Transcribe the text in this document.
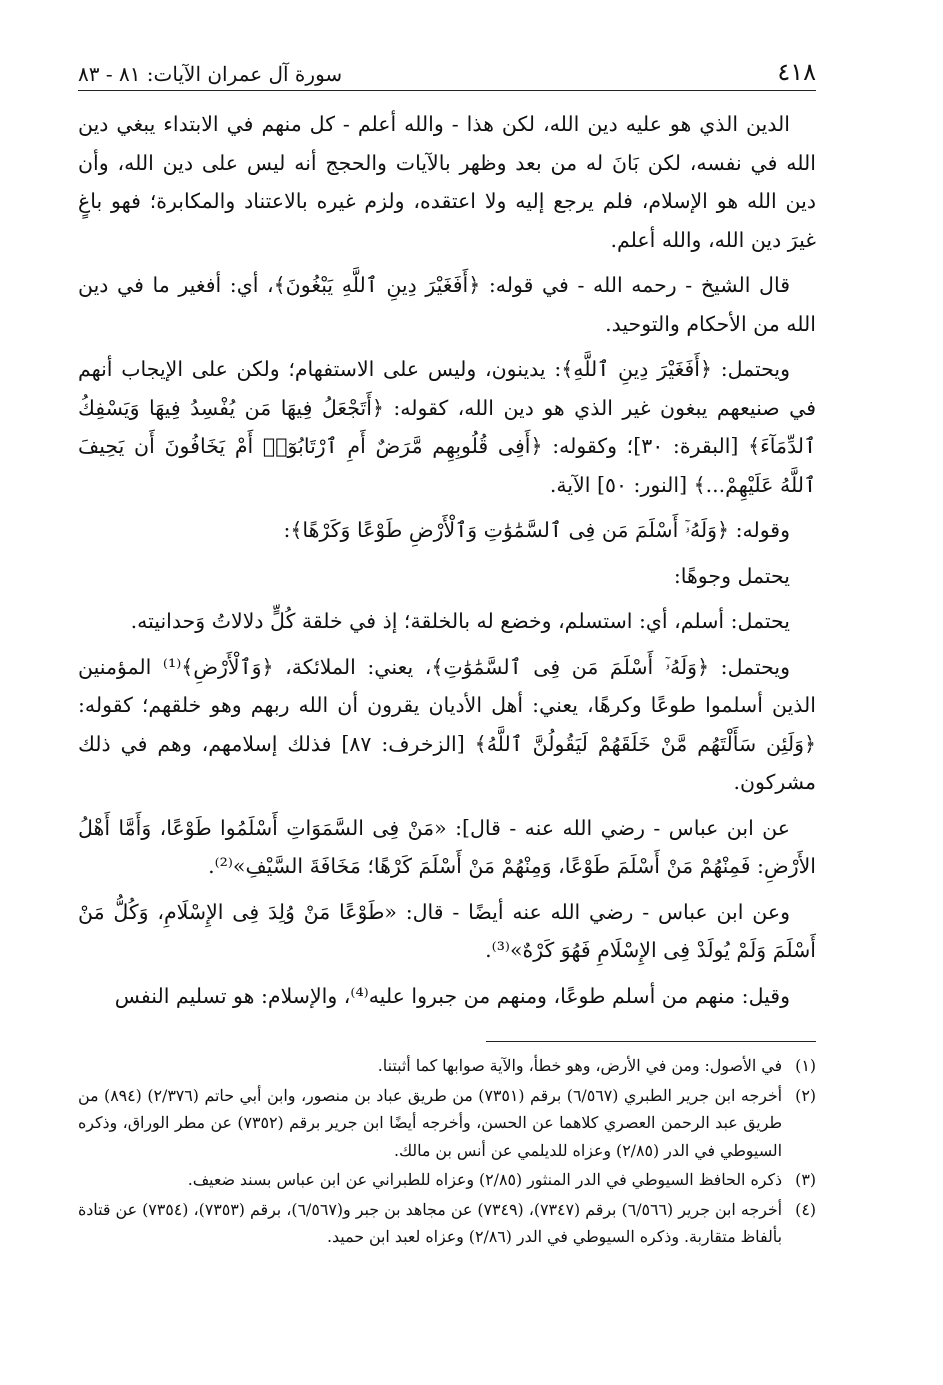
٤١٨
سورة آل عمران الآيات: ٨١ - ٨٣

الدين الذي هو عليه دين الله، لكن هذا - والله أعلم - كل منهم في الابتداء يبغي دين الله في نفسه، لكن بَانَ له من بعد وظهر بالآيات والحجج أنه ليس على دين الله، وأن دين الله هو الإسلام، فلم يرجع إليه ولا اعتقده، ولزم غيره بالاعتناد والمكابرة؛ فهو باغٍ غيرَ دين الله، والله أعلم.

قال الشيخ - رحمه الله - في قوله: ﴿أَفَغَيْرَ دِينِ ٱللَّهِ يَبْغُونَ﴾، أي: أفغير ما في دين الله من الأحكام والتوحيد.

ويحتمل: ﴿أَفَغَيْرَ دِينِ ٱللَّهِ﴾: يدينون، وليس على الاستفهام؛ ولكن على الإيجاب أنهم في صنيعهم يبغون غير الذي هو دين الله، كقوله: ﴿أَتَجْعَلُ فِيهَا مَن يُفْسِدُ فِيهَا وَيَسْفِكُ ٱلدِّمَآءَ﴾ [البقرة: ٣٠]؛ وكقوله: ﴿أَفِى قُلُوبِهِم مَّرَضٌ أَمِ ٱرْتَابُوٓا۟ أَمْ يَخَافُونَ أَن يَحِيفَ ٱللَّهُ عَلَيْهِمْ...﴾ [النور: ٥٠] الآية.

وقوله: ﴿وَلَهُۥٓ أَسْلَمَ مَن فِى ٱلسَّمَٰوَٰتِ وَٱلْأَرْضِ طَوْعًا وَكَرْهًا﴾:

يحتمل وجوهًا:

يحتمل: أسلم، أي: استسلم، وخضع له بالخلقة؛ إذ في خلقة كُلٍّ دلالاتُ وَحدانيته.

ويحتمل: ﴿وَلَهُۥٓ أَسْلَمَ مَن فِى ٱلسَّمَٰوَٰتِ﴾، يعني: الملائكة، ﴿وَٱلْأَرْضِ﴾⁽¹⁾ المؤمنين الذين أسلموا طوعًا وكرهًا، يعني: أهل الأديان يقرون أن الله ربهم وهو خلقهم؛ كقوله: ﴿وَلَئِن سَأَلْتَهُم مَّنْ خَلَقَهُمْ لَيَقُولُنَّ ٱللَّهُ﴾ [الزخرف: ٨٧] فذلك إسلامهم، وهم في ذلك مشركون.

عن ابن عباس - رضي الله عنه - قال]: «مَنْ فِى السَّمَوَاتِ أَسْلَمُوا طَوْعًا، وَأَمَّا أَهْلُ الأَرْضِ: فَمِنْهُمْ مَنْ أَسْلَمَ طَوْعًا، وَمِنْهُمْ مَنْ أَسْلَمَ كَرْهًا؛ مَخَافَةَ السَّيْفِ»⁽²⁾.

وعن ابن عباس - رضي الله عنه أيضًا - قال: «طَوْعًا مَنْ وُلِدَ فِى الإِسْلَامِ، وَكُلُّ مَنْ أَسْلَمَ وَلَمْ يُولَدْ فِى الإِسْلَامِ فَهُوَ كَرْهٌ»⁽³⁾.

وقيل: منهم من أسلم طوعًا، ومنهم من جبروا عليه⁽⁴⁾، والإسلام: هو تسليم النفس

(١)
في الأصول: ومن في الأرض، وهو خطأ، والآية صوابها كما أثبتنا.
(٢)
أخرجه ابن جرير الطبري (٦/٥٦٧) برقم (٧٣٥١) من طريق عباد بن منصور، وابن أبي حاتم (٢/٣٧٦) (٨٩٤) من طريق عبد الرحمن العصري كلاهما عن الحسن، وأخرجه أيضًا ابن جرير برقم (٧٣٥٢) عن مطر الوراق، وذكره السيوطي في الدر (٢/٨٥) وعزاه للديلمي عن أنس بن مالك.
(٣)
ذكره الحافظ السيوطي في الدر المنثور (٢/٨٥) وعزاه للطبراني عن ابن عباس بسند ضعيف.
(٤)
أخرجه ابن جرير (٦/٥٦٦) برقم (٧٣٤٧)، (٧٣٤٩) عن مجاهد بن جبر و(٦/٥٦٧)، برقم (٧٣٥٣)، (٧٣٥٤) عن قتادة بألفاظ متقاربة. وذكره السيوطي في الدر (٢/٨٦) وعزاه لعبد ابن حميد.
